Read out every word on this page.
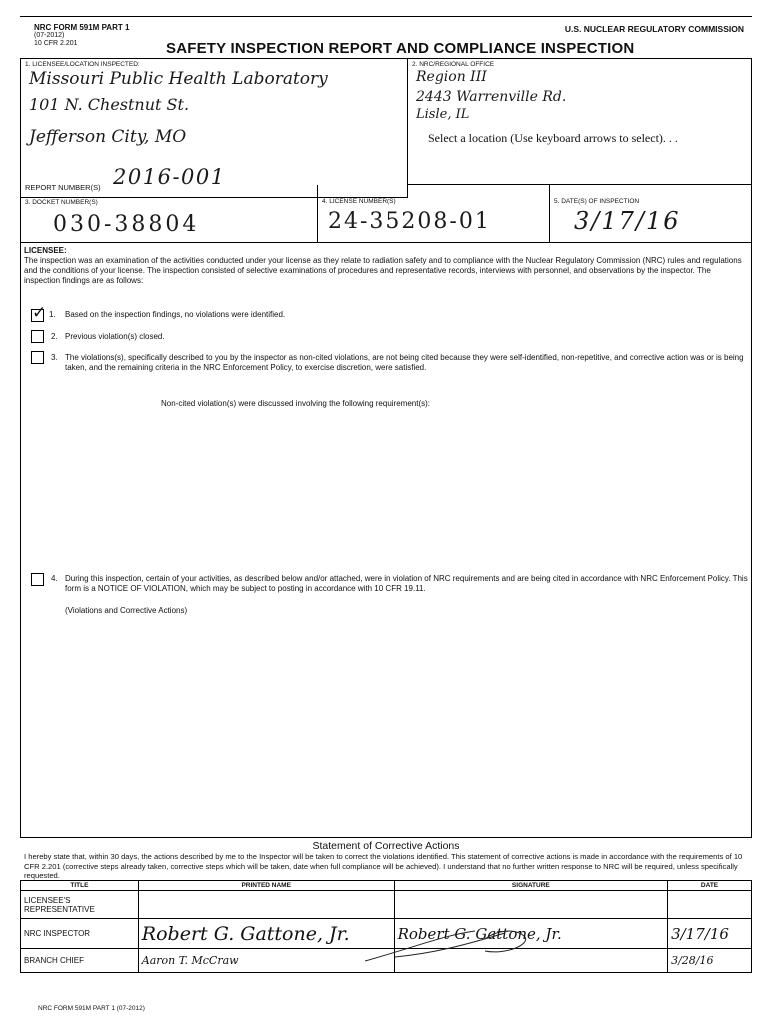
NRC FORM 591M PART 1
(07-2012)
10 CFR 2.201
U.S. NUCLEAR REGULATORY COMMISSION
SAFETY INSPECTION REPORT AND COMPLIANCE INSPECTION
1. LICENSEE/LOCATION INSPECTED:
Missouri Public Health Laboratory
101 N. Chestnut St.
Jefferson City, MO
REPORT NUMBER(S) 2016-001
2. NRC/REGIONAL OFFICE
Region III
2443 Warrenville Rd.
Lisle, IL
Select a location (Use keyboard arrows to select). . .
3. DOCKET NUMBER(S)
030-38804
4. LICENSE NUMBER(S)
24-35208-01
5. DATE(S) OF INSPECTION
3/17/16
LICENSEE:
The inspection was an examination of the activities conducted under your license as they relate to radiation safety and to compliance with the Nuclear Regulatory Commission (NRC) rules and regulations and the conditions of your license. The inspection consisted of selective examinations of procedures and representative records, interviews with personnel, and observations by the inspector. The inspection findings are as follows:
✓ 1. Based on the inspection findings, no violations were identified.
2. Previous violation(s) closed.
3. The violations(s), specifically described to you by the inspector as non-cited violations, are not being cited because they were self-identified, non-repetitive, and corrective action was or is being taken, and the remaining criteria in the NRC Enforcement Policy, to exercise discretion, were satisfied.
Non-cited violation(s) were discussed involving the following requirement(s):
4. During this inspection, certain of your activities, as described below and/or attached, were in violation of NRC requirements and are being cited in accordance with NRC Enforcement Policy. This form is a NOTICE OF VIOLATION, which may be subject to posting in accordance with 10 CFR 19.11.
(Violations and Corrective Actions)
Statement of Corrective Actions
I hereby state that, within 30 days, the actions described by me to the Inspector will be taken to correct the violations identified. This statement of corrective actions is made in accordance with the requirements of 10 CFR 2.201 (corrective steps already taken, corrective steps which will be taken, date when full compliance will be achieved). I understand that no further written response to NRC will be required, unless specifically requested.
TITLE	PRINTED NAME	SIGNATURE	DATE
LICENSEE'S REPRESENTATIVE			
NRC INSPECTOR	Robert G. Gattone, Jr.	Robert G. Gattone, Jr.	3/17/16
BRANCH CHIEF	Aaron T. McCraw		3/28/16
NRC FORM 591M PART 1 (07-2012)
